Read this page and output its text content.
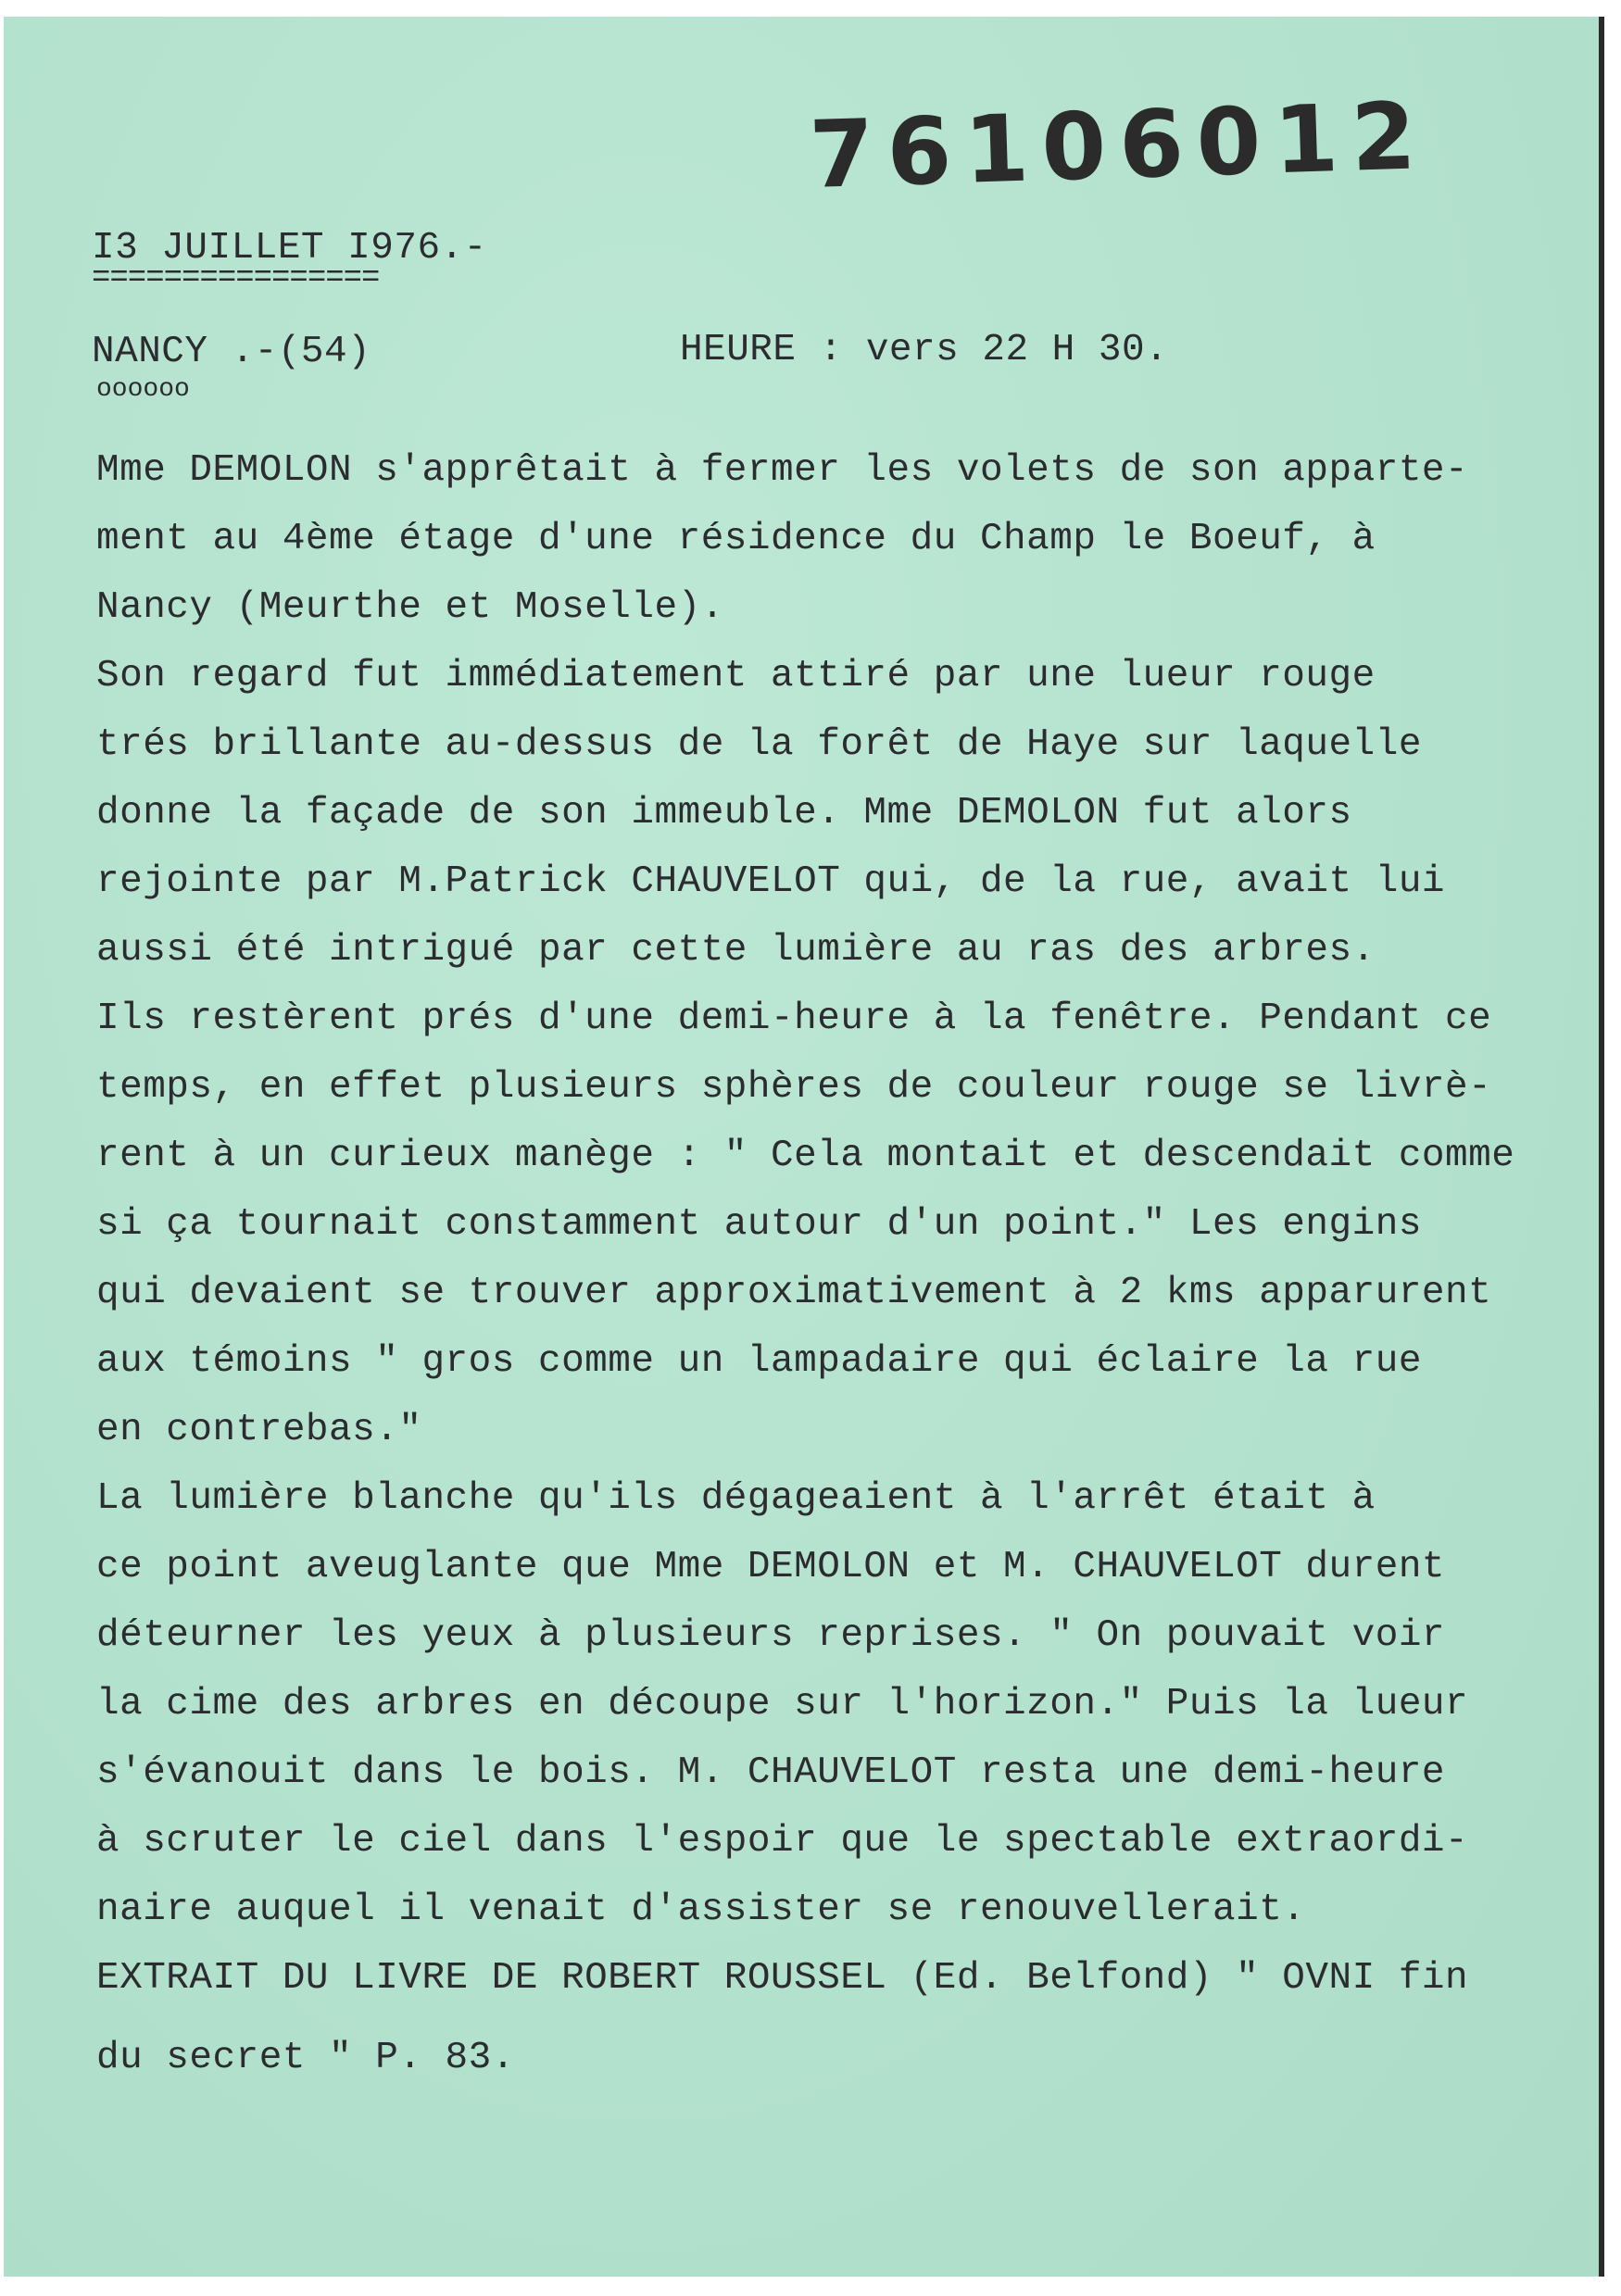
76106012

I3 JUILLET I976.-

================

NANCY .-(54)

oooooo

HEURE : vers 22 H 30.

Mme DEMOLON s'apprêtait à fermer les volets de son apparte-

ment au 4ème étage d'une résidence du Champ le Boeuf, à

Nancy (Meurthe et Moselle).

Son regard fut immédiatement attiré par une lueur rouge

trés brillante au-dessus de la forêt de Haye sur laquelle

donne la façade de son immeuble. Mme DEMOLON fut alors

rejointe par M.Patrick CHAUVELOT qui, de la rue, avait lui

aussi été intrigué par cette lumière au ras des arbres.

Ils restèrent prés d'une demi-heure à la fenêtre. Pendant ce

temps, en effet plusieurs sphères de couleur rouge se livrè-

rent à un curieux manège : " Cela montait et descendait comme

si ça tournait constamment autour d'un point." Les engins

qui devaient se trouver approximativement à 2 kms apparurent

aux témoins " gros comme un lampadaire qui éclaire la rue

en contrebas."

La lumière blanche qu'ils dégageaient à l'arrêt était à

ce point aveuglante que Mme DEMOLON et M. CHAUVELOT durent

déteurner les yeux à plusieurs reprises. " On pouvait voir

la cime des arbres en découpe sur l'horizon." Puis la lueur

s'évanouit dans le bois. M. CHAUVELOT resta une demi-heure

à scruter le ciel dans l'espoir que le spectable extraordi-

naire auquel il venait d'assister se renouvellerait.

EXTRAIT DU LIVRE DE ROBERT ROUSSEL (Ed. Belfond) " OVNI fin

du secret " P. 83.
